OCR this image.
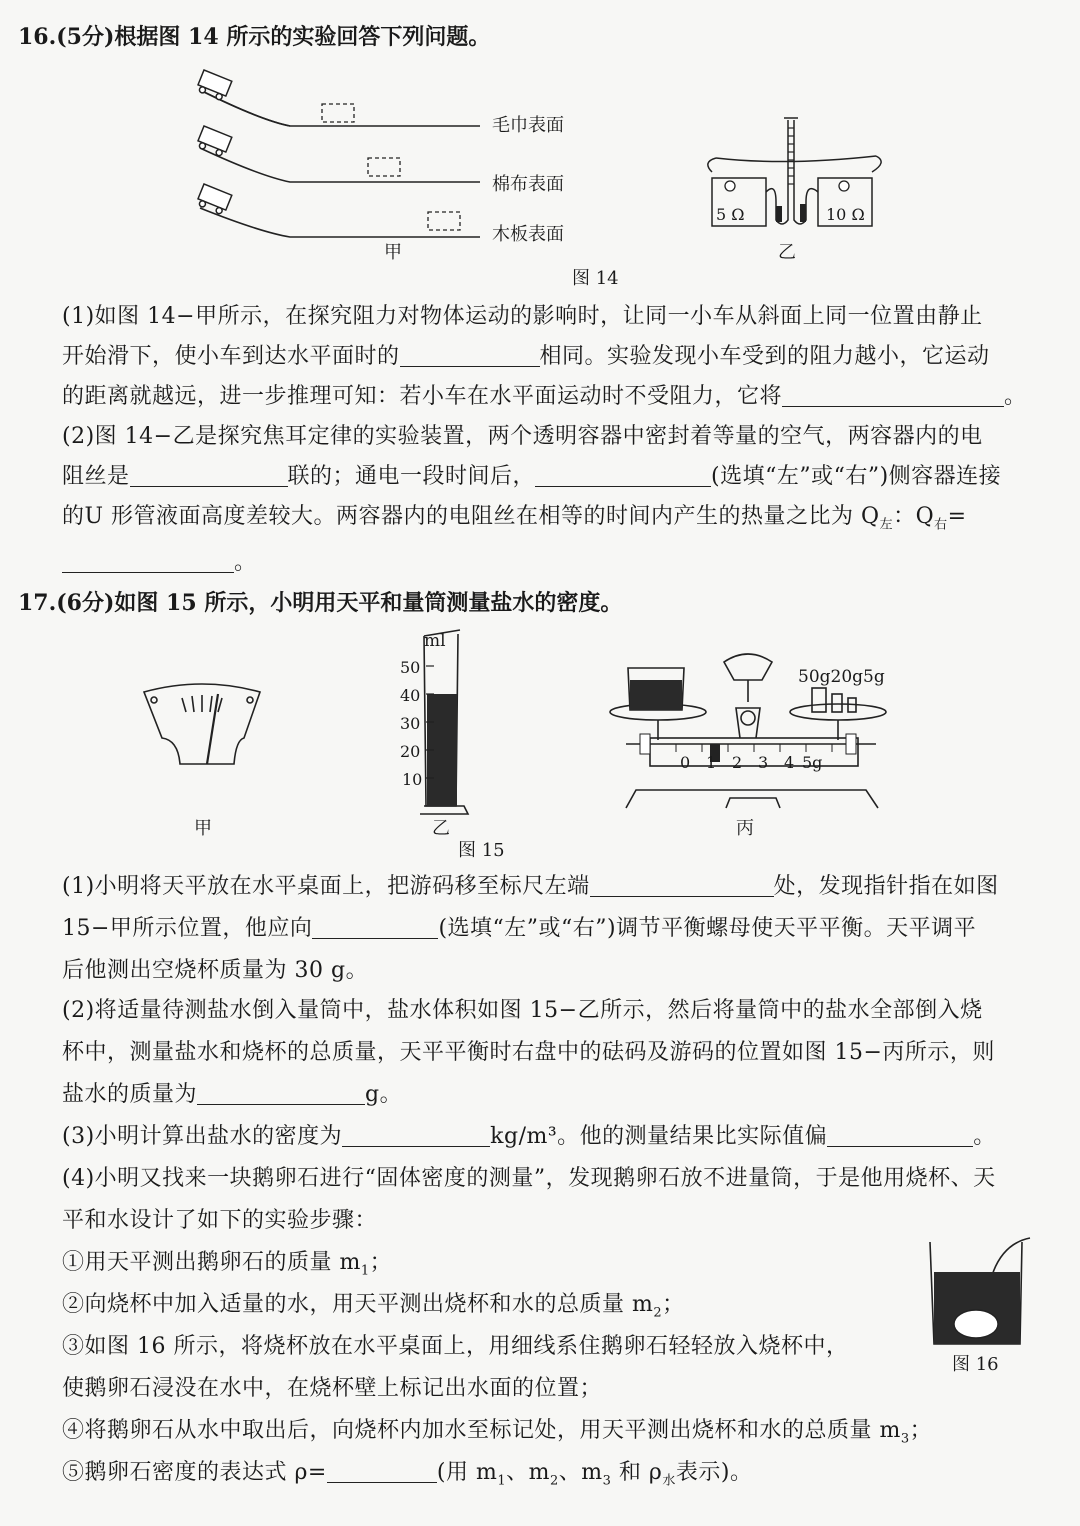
16.(5分)根据图 14 所示的实验回答下列问题。
毛巾表面
棉布表面
木板表面
甲
5 Ω	10 Ω
乙
图 14
(1)如图 14−甲所示，在探究阻力对物体运动的影响时，让同一小车从斜面上同一位置由静止
开始滑下，使小车到达水平面时的	相同。实验发现小车受到的阻力越小，它运动
的距离就越远，进一步推理可知：若小车在水平面运动时不受阻力，它将	。
(2)图 14−乙是探究焦耳定律的实验装置，两个透明容器中密封着等量的空气，两容器内的电
阻丝是	联的；通电一段时间后，	(选填“左”或“右”)侧容器连接
的U 形管液面高度差较大。两容器内的电阻丝在相等的时间内产生的热量之比为 $Q_左$：$Q_右=$
。
17.(6分)如图 15 所示，小明用天平和量筒测量盐水的密度。
甲
ml
50
40
30
20
10
乙
图 15
50g20g5g
0 1 2 3 4 5g
丙
(1)小明将天平放在水平桌面上，把游码移至标尺左端	处，发现指针指在如图
15−甲所示位置，他应向	(选填“左”或“右”)调节平衡螺母使天平平衡。天平调平
后他测出空烧杯质量为 30 g。
(2)将适量待测盐水倒入量筒中，盐水体积如图 15−乙所示，然后将量筒中的盐水全部倒入烧
杯中，测量盐水和烧杯的总质量，天平平衡时右盘中的砝码及游码的位置如图 15−丙所示，则
盐水的质量为	g。
(3)小明计算出盐水的密度为	kg/m³。他的测量结果比实际值偏	。
(4)小明又找来一块鹅卵石进行“固体密度的测量”，发现鹅卵石放不进量筒，于是他用烧杯、天
平和水设计了如下的实验步骤：
①用天平测出鹅卵石的质量 $m_1$；
②向烧杯中加入适量的水，用天平测出烧杯和水的总质量 $m_2$；
③如图 16 所示，将烧杯放在水平桌面上，用细线系住鹅卵石轻轻放入烧杯中，
使鹅卵石浸没在水中，在烧杯壁上标记出水面的位置；
④将鹅卵石从水中取出后，向烧杯内加水至标记处，用天平测出烧杯和水的总质量 $m_3$；
⑤鹅卵石密度的表达式 ρ=	(用 $m_1$、$m_2$、$m_3$ 和 $\rho_水$表示)。
图 16
